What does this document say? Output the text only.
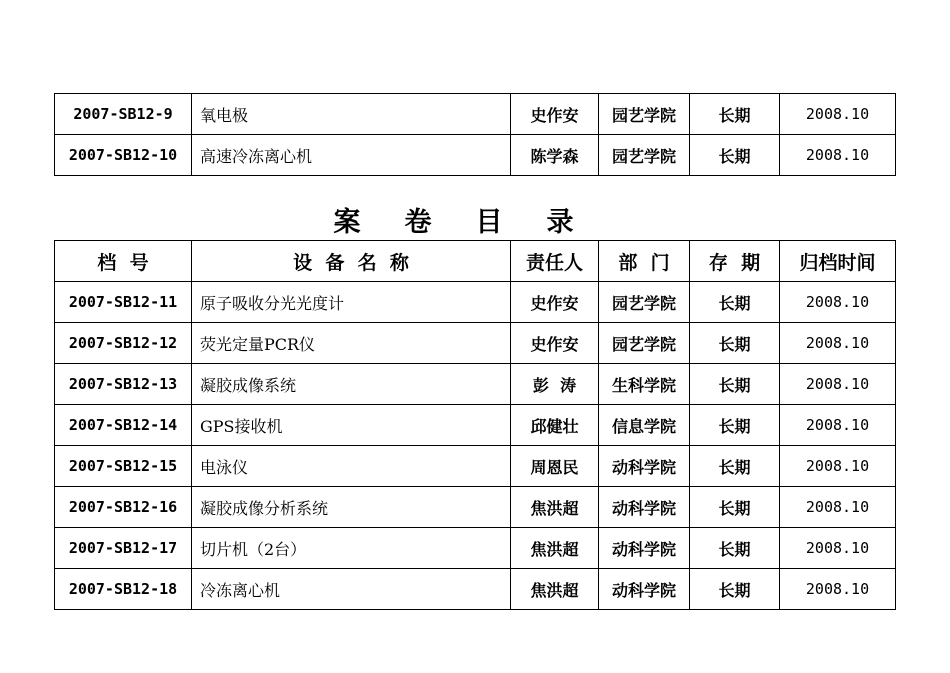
2007-SB12-9	氧电极	史作安	园艺学院	长期	2008.10
2007-SB12-10	高速冷冻离心机	陈学森	园艺学院	长期	2008.10
案卷目录
档  号	设  备  名  称	责任人	部  门	存  期	归档时间
2007-SB12-11	原子吸收分光光度计	史作安	园艺学院	长期	2008.10
2007-SB12-12	荧光定量PCR仪	史作安	园艺学院	长期	2008.10
2007-SB12-13	凝胶成像系统	彭  涛	生科学院	长期	2008.10
2007-SB12-14	GPS接收机	邱健壮	信息学院	长期	2008.10
2007-SB12-15	电泳仪	周恩民	动科学院	长期	2008.10
2007-SB12-16	凝胶成像分析系统	焦洪超	动科学院	长期	2008.10
2007-SB12-17	切片机（2台）	焦洪超	动科学院	长期	2008.10
2007-SB12-18	冷冻离心机	焦洪超	动科学院	长期	2008.10
